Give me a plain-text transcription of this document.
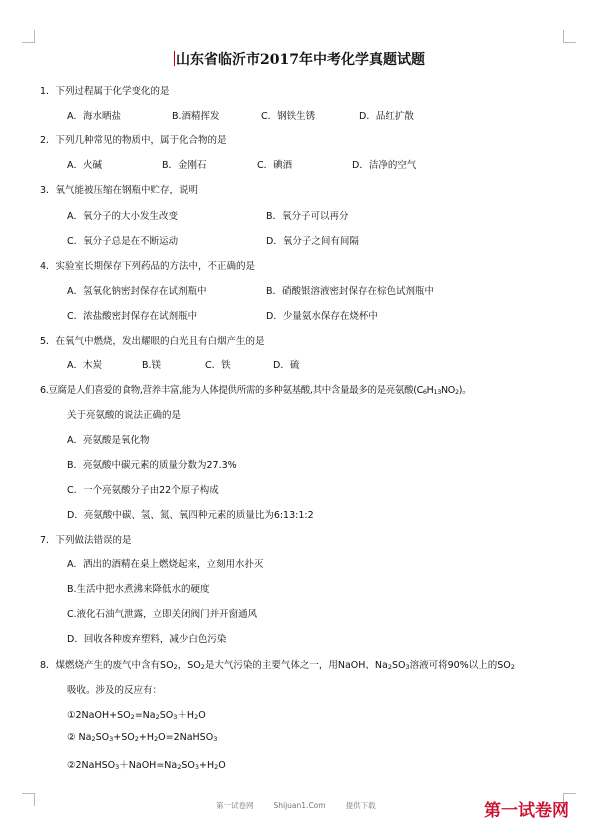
山东省临沂市2017年中考化学真题试题
1．下列过程属于化学变化的是
A．海水晒盐	B.酒精挥发	C．钢铁生锈	D．品红扩散
2．下列几种常见的物质中，属于化合物的是
A．火碱	B．金刚石	C．碘酒	D．洁净的空气
3．氧气能被压缩在钢瓶中贮存，说明
A．氧分子的大小发生改变	B．氧分子可以再分
C．氧分子总是在不断运动	D．氧分子之间有间隔
4．实验室长期保存下列药品的方法中，不正确的是
A．氢氧化钠密封保存在试剂瓶中	B．硝酸银溶液密封保存在棕色试剂瓶中
C．浓盐酸密封保存在试剂瓶中	D．少量氨水保存在烧杯中
5．在氧气中燃烧，发出耀眼的白光且有白烟产生的是
A．木炭	B.镁	C．铁	D．硫
6.豆腐是人们喜爱的食物,营养丰富,能为人体提供所需的多种氨基酸,其中含量最多的是亮氨酸$(C_6H_{13}NO_2)$。
关于亮氨酸的说法正确的是
A．亮氨酸是氧化物
B．亮氨酸中碳元素的质量分数为27.3%
C．一个亮氨酸分子由22个原子构成
D．亮氨酸中碳、氢、氮、氧四种元素的质量比为6:13:1:2
7．下列做法错误的是
A．洒出的酒精在桌上燃烧起来，立刻用水扑灭
B.生活中把水煮沸来降低水的硬度
C.液化石油气泄露，立即关闭阀门并开窗通风
D．回收各种废弃塑料，减少白色污染
8．煤燃烧产生的废气中含有$SO_2$，$SO_2$是大气污染的主要气体之一，用NaOH、$Na_2SO_3$溶液可将90%以上的$SO_2$
吸收。涉及的反应有：
$①2NaOH+SO_2=Na_2SO_3+H_2O$
② $Na_2SO_3+SO_2+H_2O=2NaHSO_3$
$②2NaHSO_3+NaOH=Na_2SO_3+H_2O$
第一试卷网	Shijuan1.Com	提供下载	第一试卷网
